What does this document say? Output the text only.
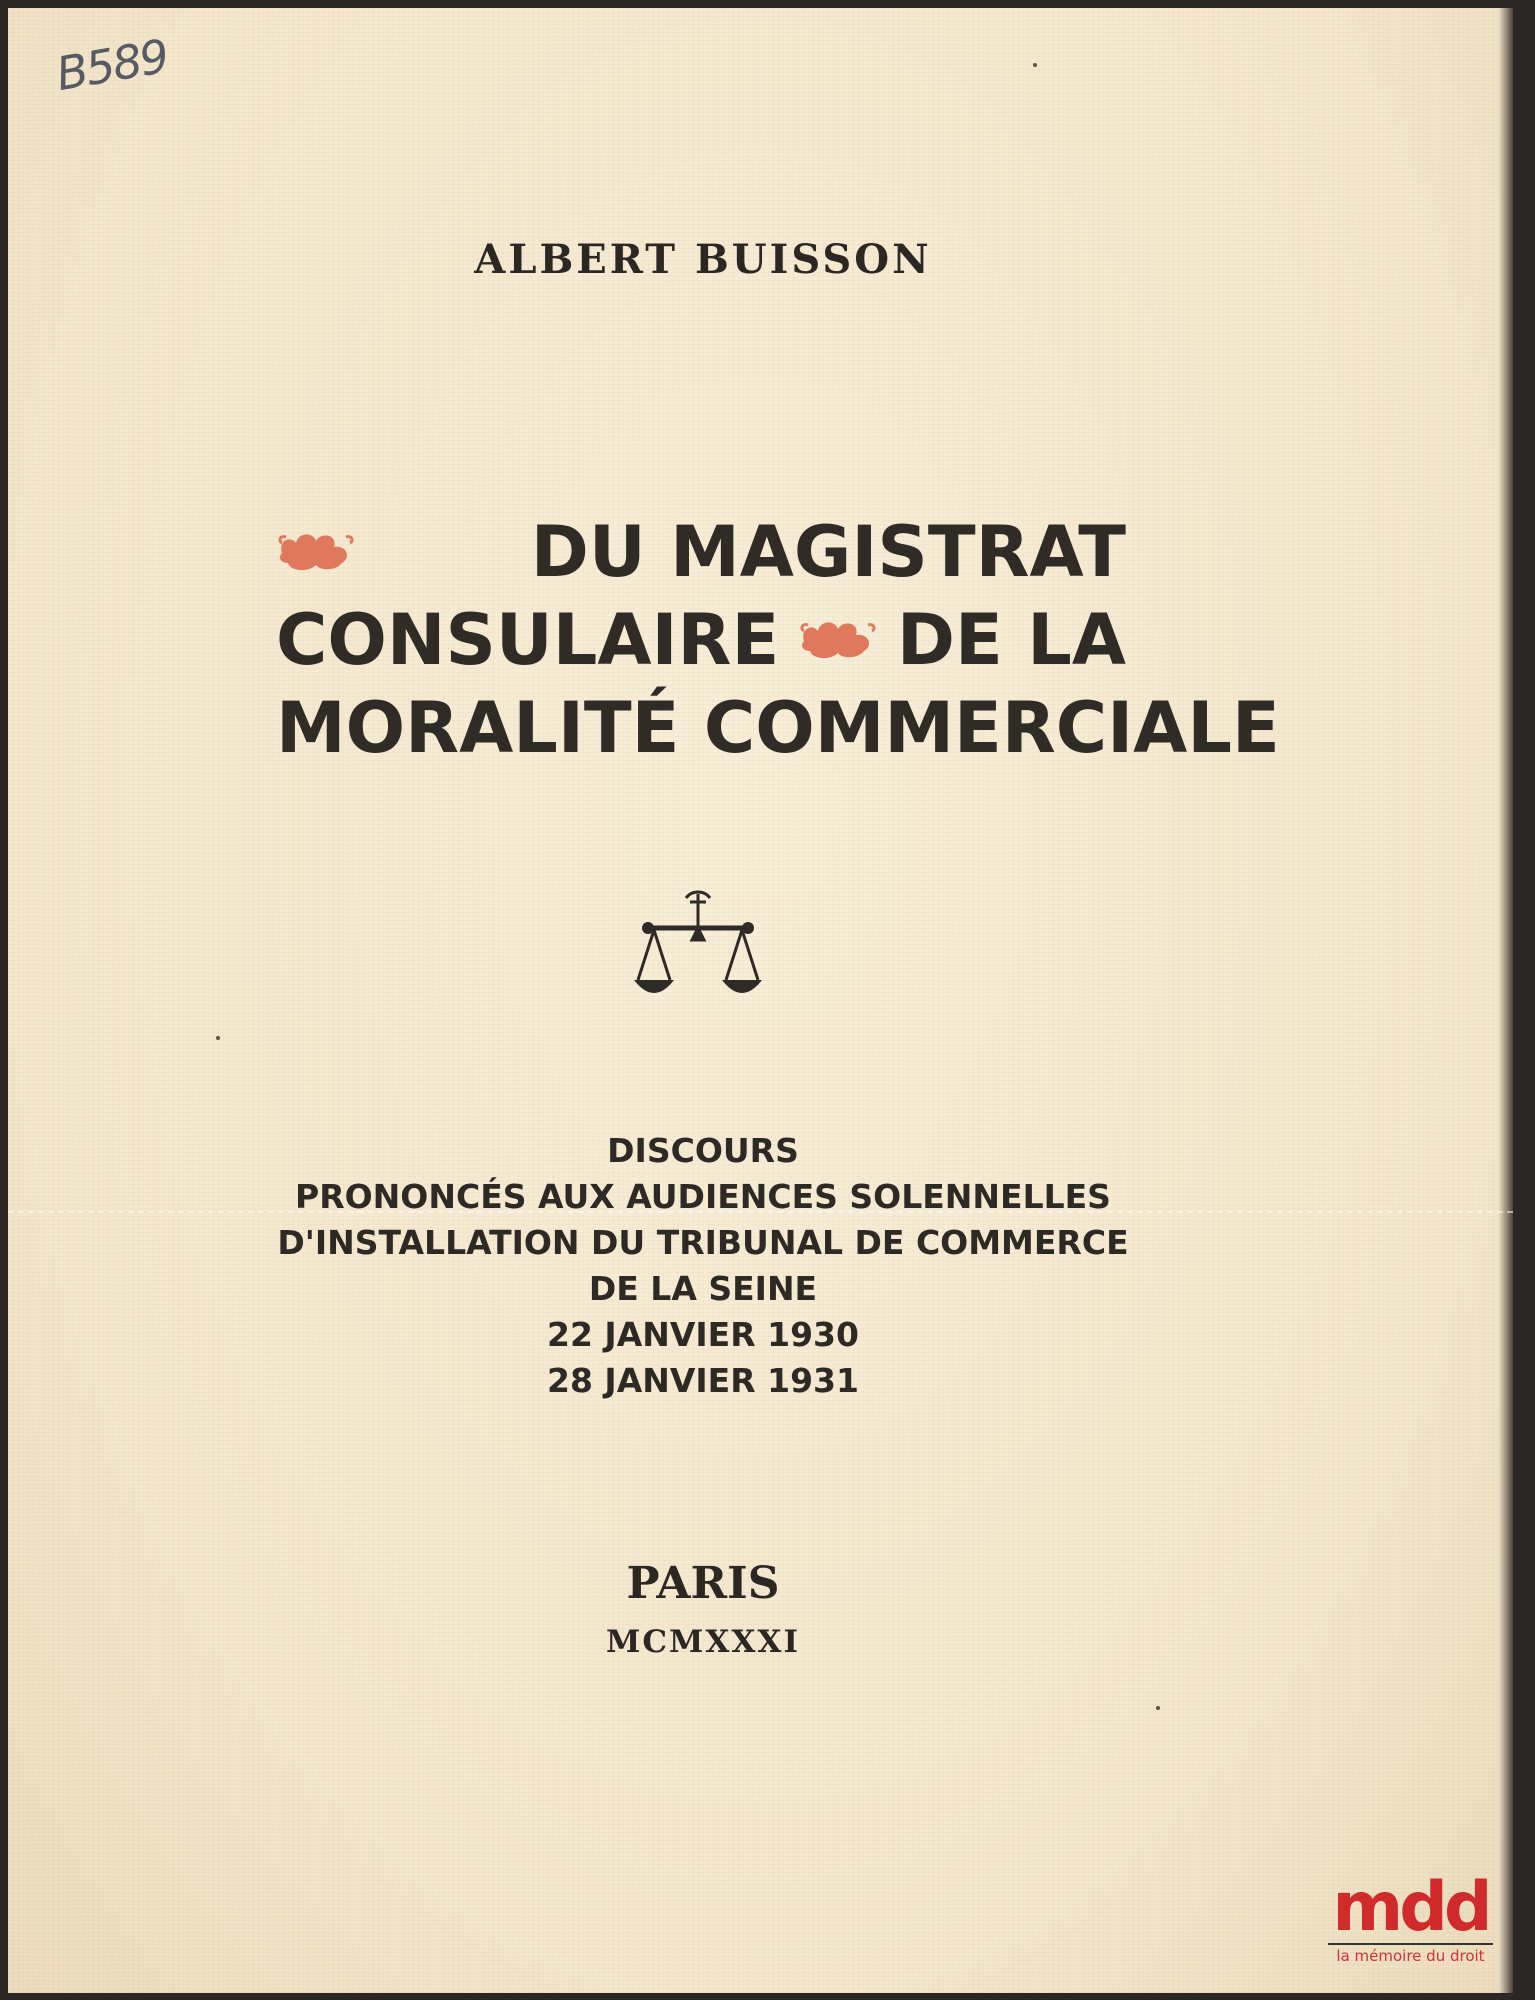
B589
ALBERT BUISSON
DU MAGISTRAT
CONSULAIRE DE LA
MORALITÉ COMMERCIALE
DISCOURS
PRONONCÉS AUX AUDIENCES SOLENNELLES
D'INSTALLATION DU TRIBUNAL DE COMMERCE
DE LA SEINE
22 JANVIER 1930
28 JANVIER 1931
PARIS
MCMXXXI
mdd
la mémoire du droit
